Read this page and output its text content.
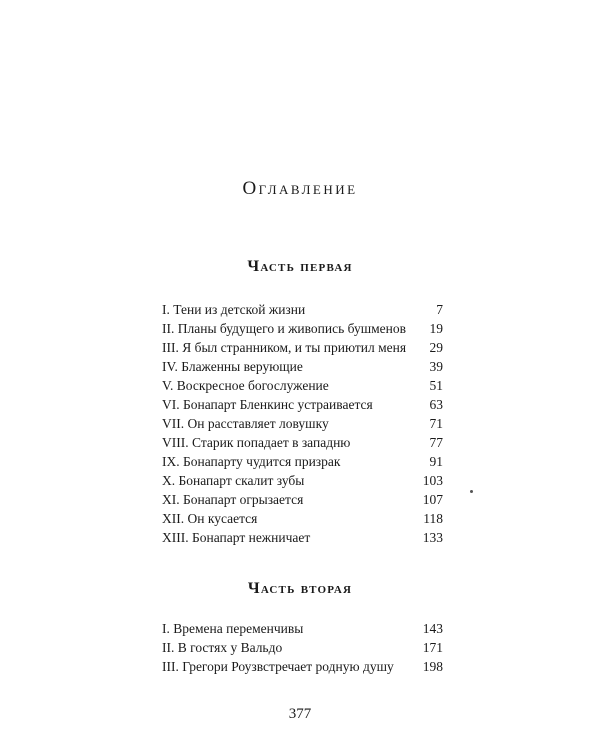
Оглавление
Часть первая
I. Тени из детской жизни	7
II. Планы будущего и живопись бушменов 19
III. Я был странником, и ты приютил меня 29
IV. Блаженны верующие	39
V. Воскресное богослужение	51
VI. Бонапарт Бленкинс устраивается	63
VII. Он расставляет ловушку	71
VIII. Старик попадает в западню	77
IX. Бонапарту чудится призрак	91
X. Бонапарт скалит зубы	103
XI. Бонапарт огрызается	107
XII. Он кусается	118
XIII. Бонапарт нежничает	133
Часть вторая
I. Времена переменчивы	143
II. В гостях у Вальдо	171
III. Грегори Роузвстречает родную душу 198
377
